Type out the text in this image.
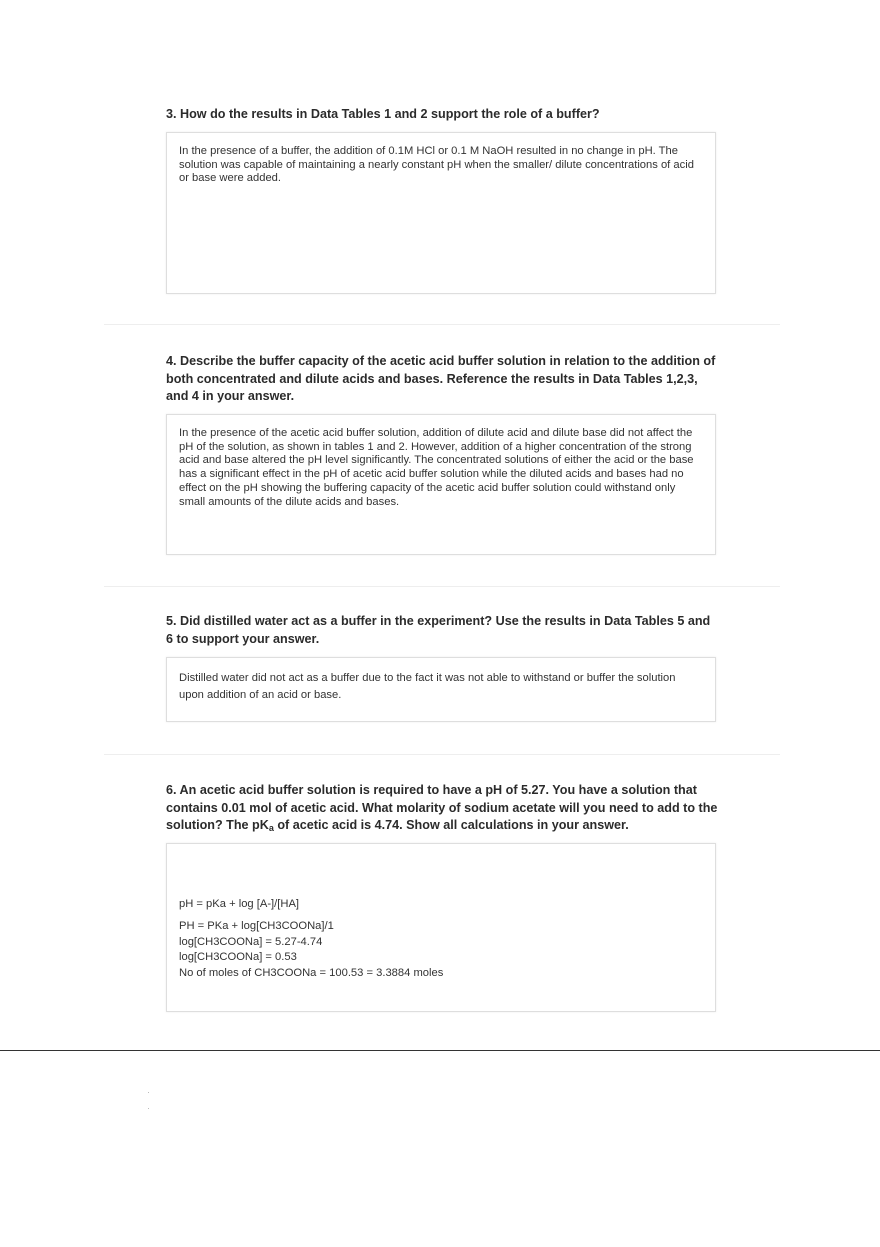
3. How do the results in Data Tables 1 and 2 support the role of a buffer?

In the presence of a buffer, the addition of 0.1M HCl or 0.1 M NaOH resulted in no change in pH. The solution was capable of maintaining a nearly constant pH when the smaller/ dilute concentrations of acid or base were added.

4. Describe the buffer capacity of the acetic acid buffer solution in relation to the addition of both concentrated and dilute acids and bases. Reference the results in Data Tables 1,2,3, and 4 in your answer.

In the presence of the acetic acid buffer solution, addition of dilute acid and dilute base did not affect the pH of the solution, as shown in tables 1 and 2. However, addition of a higher concentration of the strong acid and base altered the pH level significantly. The concentrated solutions of either the acid or the base has a significant effect in the pH of acetic acid buffer solution while the diluted acids and bases had no effect on the pH showing the buffering capacity of the acetic acid buffer solution could withstand only small amounts of the dilute acids and bases.

5. Did distilled water act as a buffer in the experiment? Use the results in Data Tables 5 and 6 to support your answer.

Distilled water did not act as a buffer due to the fact it was not able to withstand or buffer the solution upon addition of an acid or base.

6. An acetic acid buffer solution is required to have a pH of 5.27. You have a solution that contains 0.01 mol of acetic acid. What molarity of sodium acetate will you need to add to the solution? The $pK_a$ of acetic acid is 4.74. Show all calculations in your answer.

pH = pKa + log [A-]/[HA]

PH = PKa + log[CH3COONa]/1

log[CH3COONa] = 5.27-4.74

log[CH3COONa] = 0.53

No of moles of CH3COONa = 100.53 = 3.3884 moles
